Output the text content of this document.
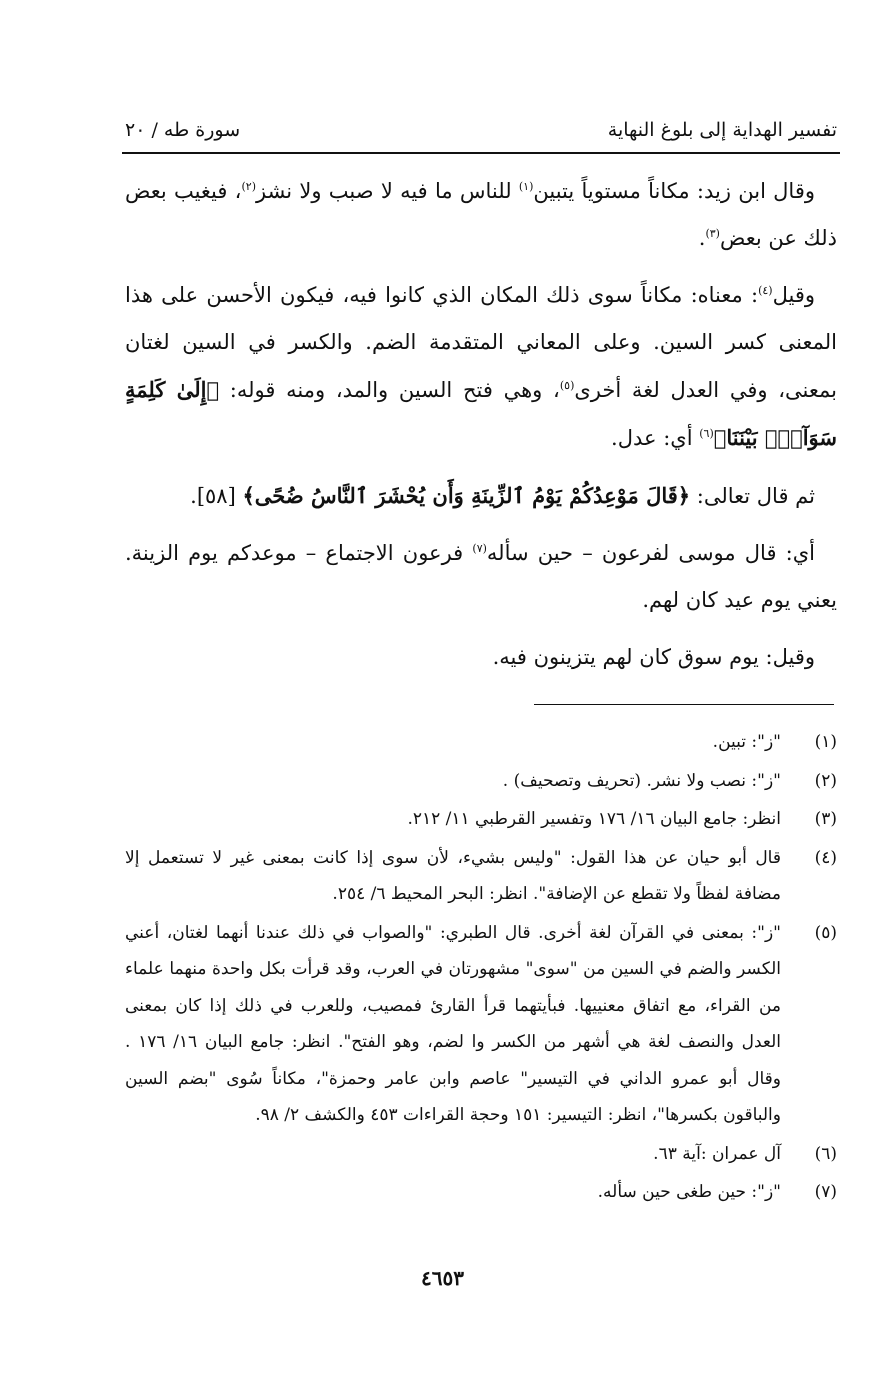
تفسير الهداية إلى بلوغ النهاية
سورة طه / ٢٠

وقال ابن زيد: مكاناً مستوياً يتبين$^{(١)}$ للناس ما فيه لا صبب ولا نشز$^{(٢)}$، فيغيب بعض ذلك عن بعض$^{(٣)}$.

وقيل$^{(٤)}$: معناه: مكاناً سوى ذلك المكان الذي كانوا فيه، فيكون الأحسن على هذا المعنى كسر السين. وعلى المعاني المتقدمة الضم. والكسر في السين لغتان بمعنى، وفي العدل لغة أخرى$^{(٥)}$، وهي فتح السين والمد، ومنه قوله: ﴿إِلَىٰ كَلِمَةٍ سَوَآءِۭ بَيْنَنَا﴾$^{(٦)}$ أي: عدل.

ثم قال تعالى: ﴿قَالَ مَوْعِدُكُمْ يَوْمُ ٱلزِّينَةِ وَأَن يُحْشَرَ ٱلنَّاسُ ضُحًى﴾ [٥٨].

أي: قال موسى لفرعون – حين سأله$^{(٧)}$ فرعون الاجتماع – موعدكم يوم الزينة. يعني يوم عيد كان لهم.

وقيل: يوم سوق كان لهم يتزينون فيه.

(١)
"ز": تبين.
(٢)
"ز": نصب ولا نشر. (تحريف وتصحيف) .
(٣)
انظر: جامع البيان ١٦/ ١٧٦ وتفسير القرطبي ١١/ ٢١٢.
(٤)
قال أبو حيان عن هذا القول: "وليس بشيء، لأن سوى إذا كانت بمعنى غير لا تستعمل إلا مضافة لفظاً ولا تقطع عن الإضافة". انظر: البحر المحيط ٦/ ٢٥٤.
(٥)
"ز": بمعنى في القرآن لغة أخرى. قال الطبري: "والصواب في ذلك عندنا أنهما لغتان، أعني الكسر والضم في السين من "سوى" مشهورتان في العرب، وقد قرأت بكل واحدة منهما علماء من القراء، مع اتفاق معنييها. فبأيتهما قرأ القارئ فمصيب، وللعرب في ذلك إذا كان بمعنى العدل والنصف لغة هي أشهر من الكسر وا لضم، وهو الفتح". انظر: جامع البيان ١٦/ ١٧٦ . وقال أبو عمرو الداني في التيسير" عاصم وابن عامر وحمزة"، مكاناً سُوى "بضم السين والباقون بكسرها"، انظر: التيسير: ١٥١ وحجة القراءات ٤٥٣ والكشف ٢/ ٩٨.
(٦)
آل عمران :آية ٦٣.
(٧)
"ز": حين طغى حين سأله.
٤٦٥٣
